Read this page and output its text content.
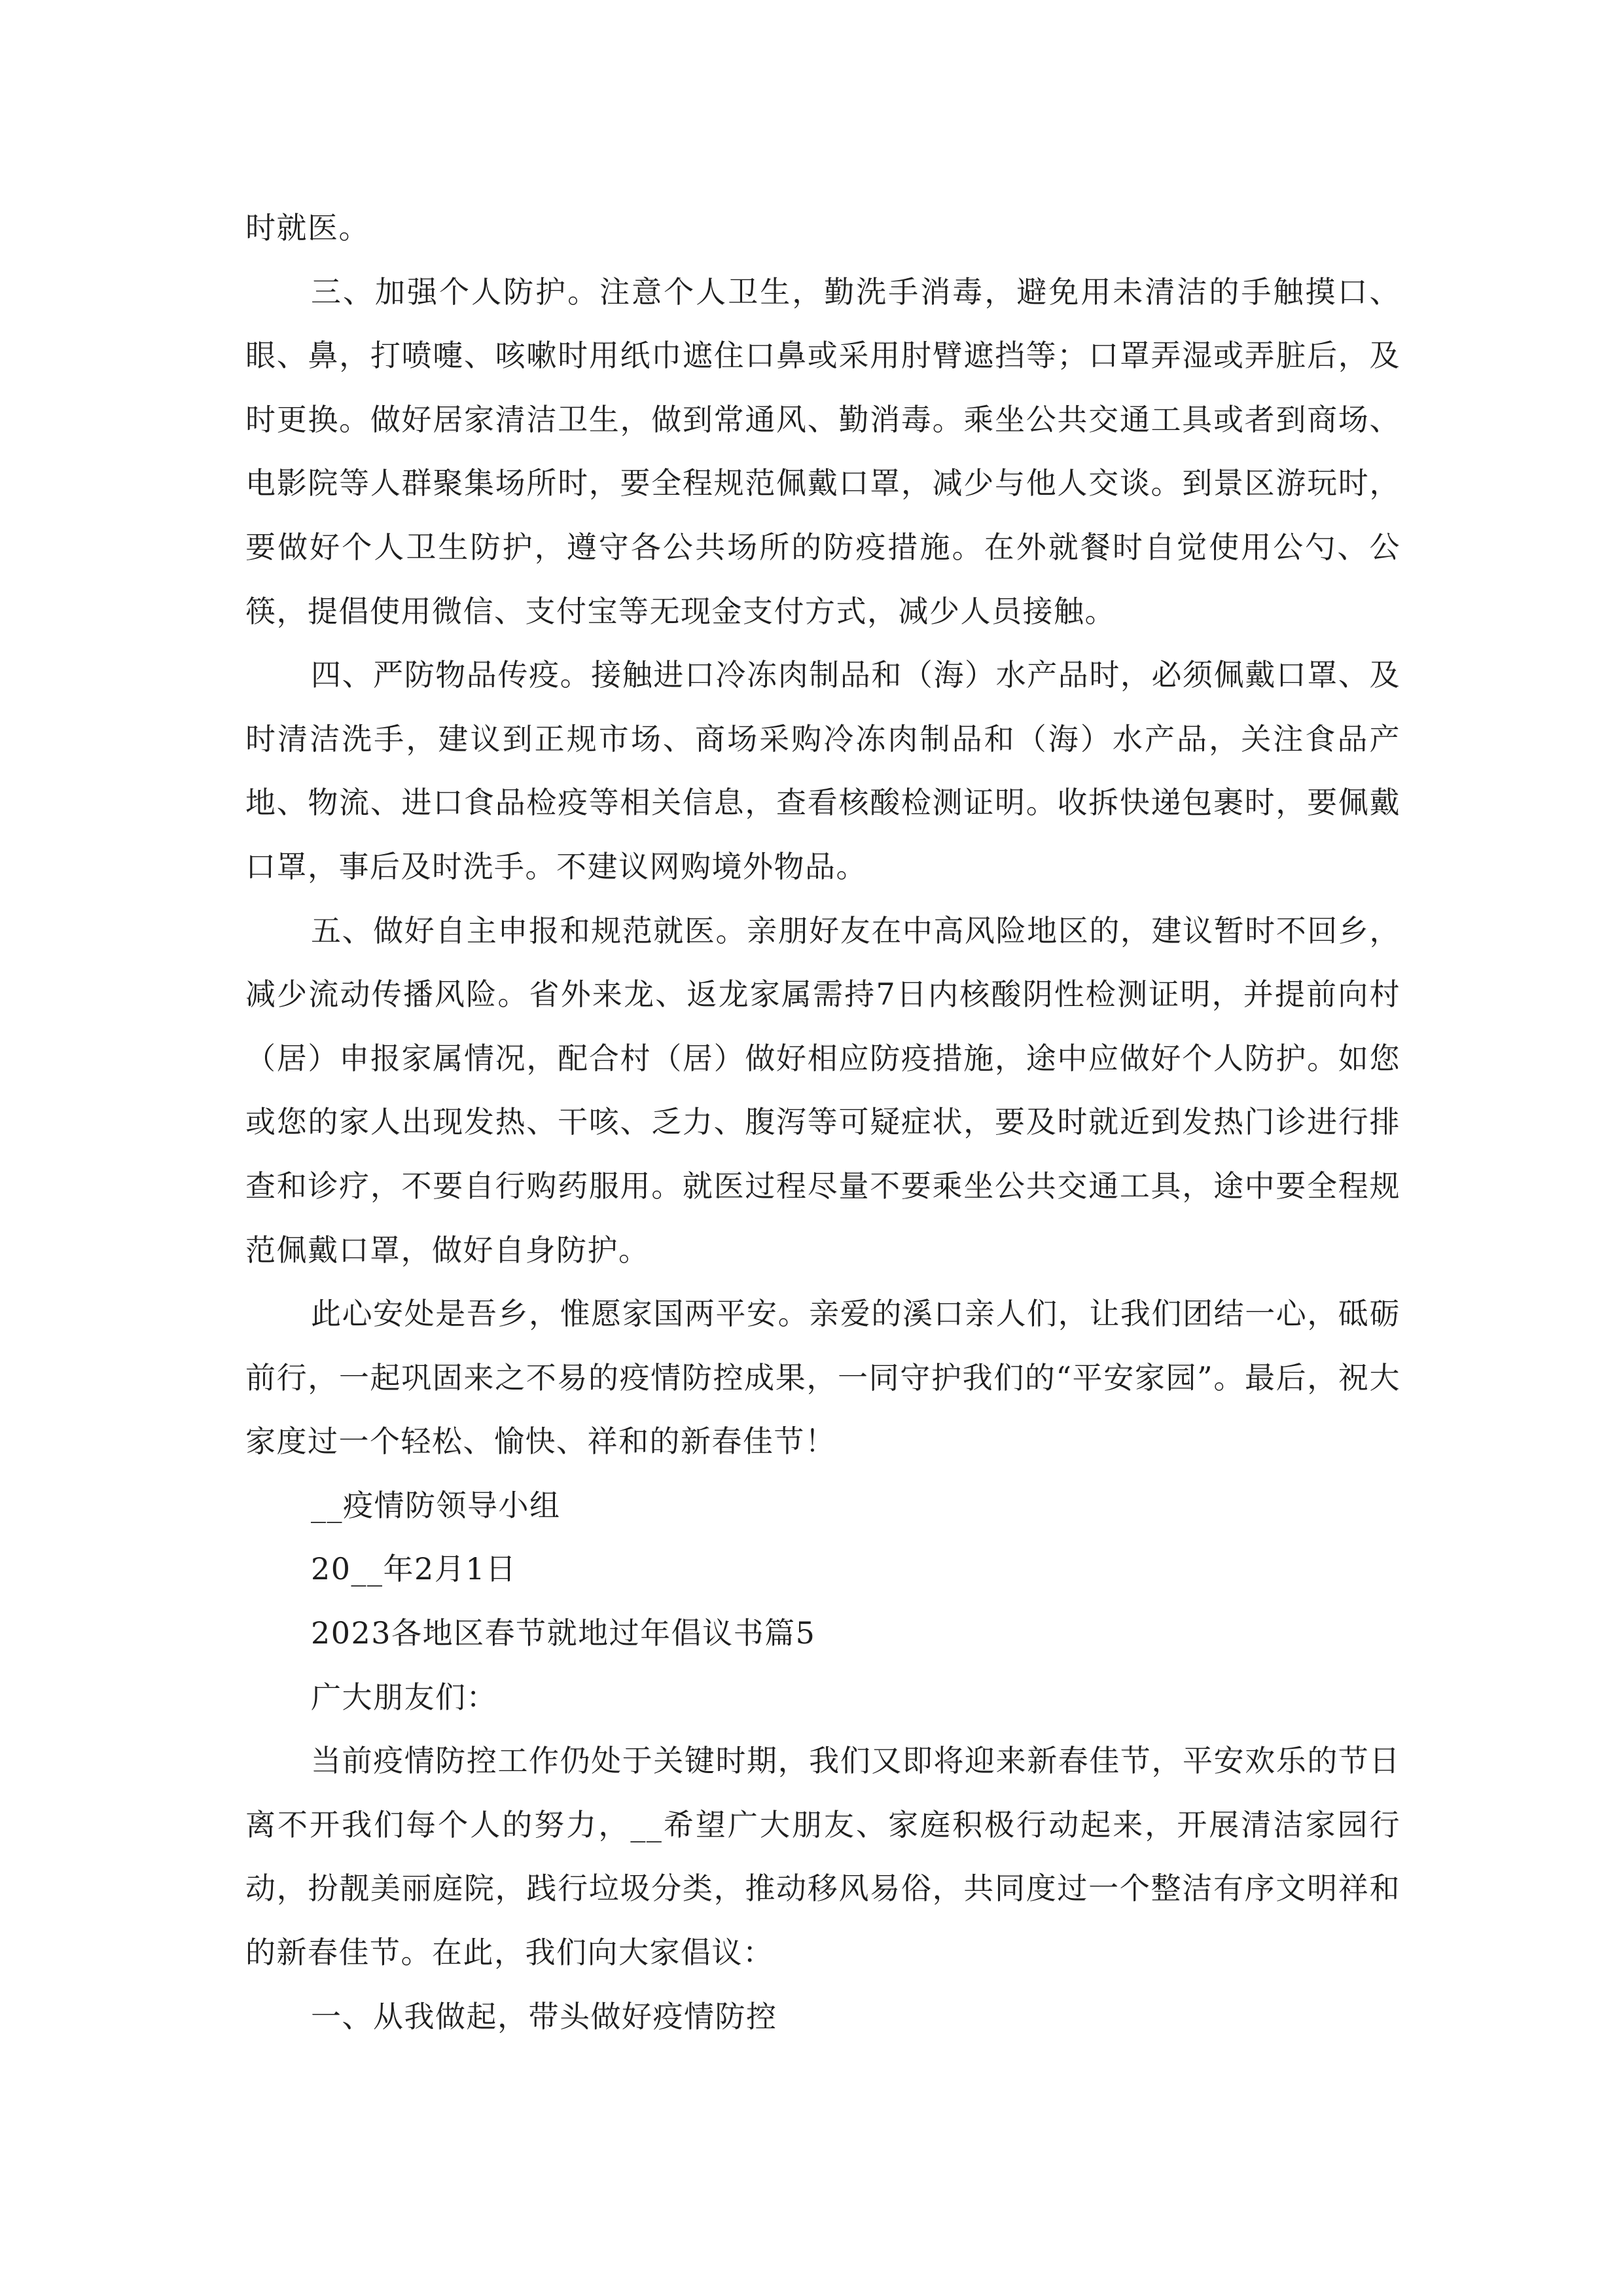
时就医。

三、加强个人防护。注意个人卫生，勤洗手消毒，避免用未清洁的手触摸口、眼、鼻，打喷嚏、咳嗽时用纸巾遮住口鼻或采用肘臂遮挡等；口罩弄湿或弄脏后，及时更换。做好居家清洁卫生，做到常通风、勤消毒。乘坐公共交通工具或者到商场、电影院等人群聚集场所时，要全程规范佩戴口罩，减少与他人交谈。到景区游玩时，要做好个人卫生防护，遵守各公共场所的防疫措施。在外就餐时自觉使用公勺、公筷，提倡使用微信、支付宝等无现金支付方式，减少人员接触。

四、严防物品传疫。接触进口冷冻肉制品和（海）水产品时，必须佩戴口罩、及时清洁洗手，建议到正规市场、商场采购冷冻肉制品和（海）水产品，关注食品产地、物流、进口食品检疫等相关信息，查看核酸检测证明。收拆快递包裹时，要佩戴口罩，事后及时洗手。不建议网购境外物品。

五、做好自主申报和规范就医。亲朋好友在中高风险地区的，建议暂时不回乡，减少流动传播风险。省外来龙、返龙家属需持7日内核酸阴性检测证明，并提前向村（居）申报家属情况，配合村（居）做好相应防疫措施，途中应做好个人防护。如您或您的家人出现发热、干咳、乏力、腹泻等可疑症状，要及时就近到发热门诊进行排查和诊疗，不要自行购药服用。就医过程尽量不要乘坐公共交通工具，途中要全程规范佩戴口罩，做好自身防护。

此心安处是吾乡，惟愿家国两平安。亲爱的溪口亲人们，让我们团结一心，砥砺前行，一起巩固来之不易的疫情防控成果，一同守护我们的“平安家园”。最后，祝大家度过一个轻松、愉快、祥和的新春佳节！

__疫情防领导小组

20__年2月1日

2023各地区春节就地过年倡议书篇5

广大朋友们：

当前疫情防控工作仍处于关键时期，我们又即将迎来新春佳节，平安欢乐的节日离不开我们每个人的努力，__希望广大朋友、家庭积极行动起来，开展清洁家园行动，扮靓美丽庭院，践行垃圾分类，推动移风易俗，共同度过一个整洁有序文明祥和的新春佳节。在此，我们向大家倡议：

一、从我做起，带头做好疫情防控
